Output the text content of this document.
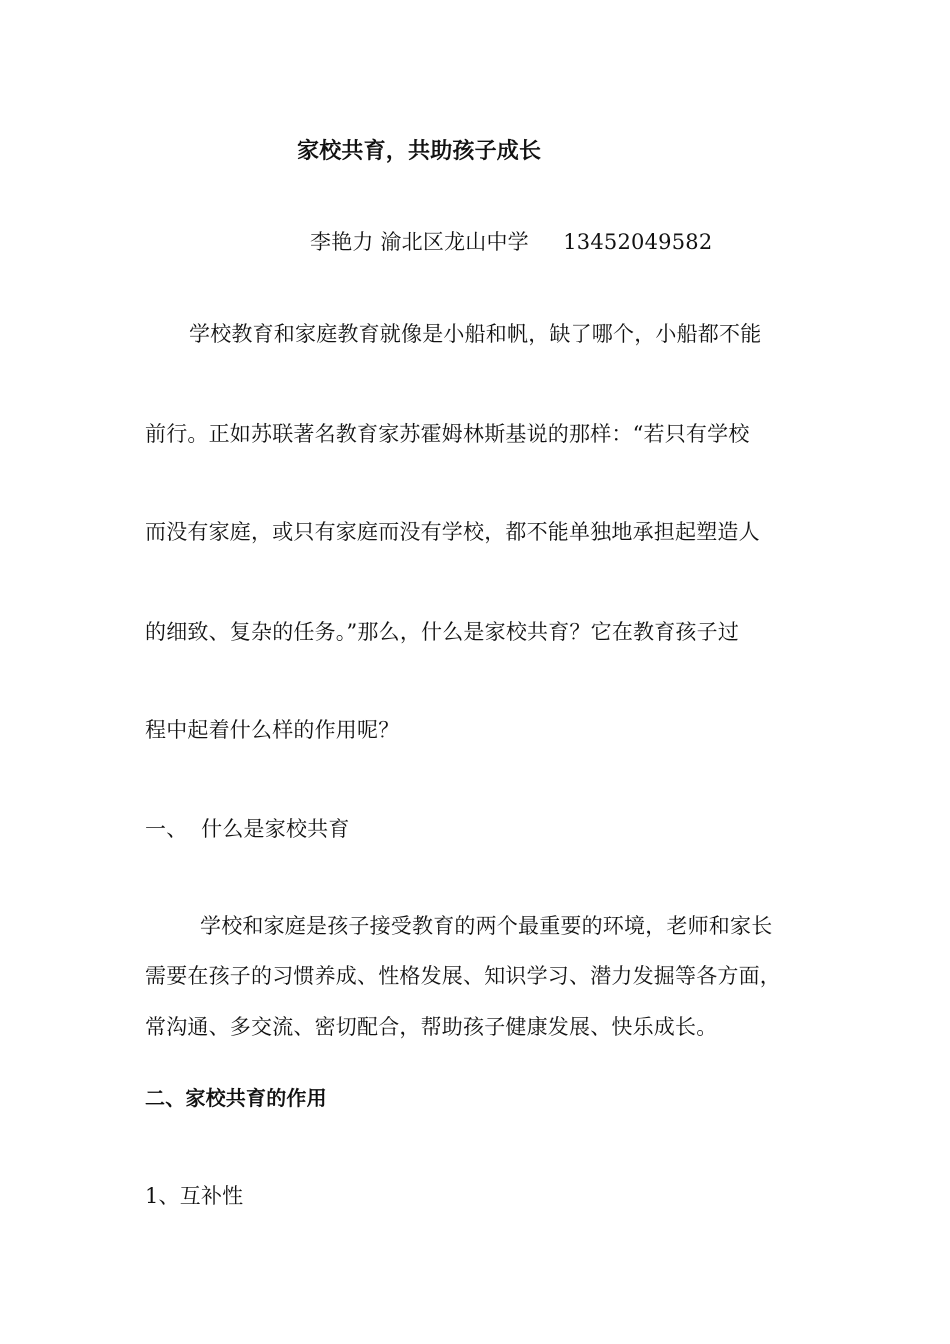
家校共育，共助孩子成长
李艳力 渝北区龙山中学     13452049582
学校教育和家庭教育就像是小船和帆，缺了哪个，小船都不能
前行。正如苏联著名教育家苏霍姆林斯基说的那样：“若只有学校
而没有家庭，或只有家庭而没有学校，都不能单独地承担起塑造人
的细致、复杂的任务。”那么，什么是家校共育？它在教育孩子过
程中起着什么样的作用呢？
一、  什么是家校共育
学校和家庭是孩子接受教育的两个最重要的环境，老师和家长
需要在孩子的习惯养成、性格发展、知识学习、潜力发掘等各方面，
常沟通、多交流、密切配合，帮助孩子健康发展、快乐成长。
二、家校共育的作用
1、互补性
